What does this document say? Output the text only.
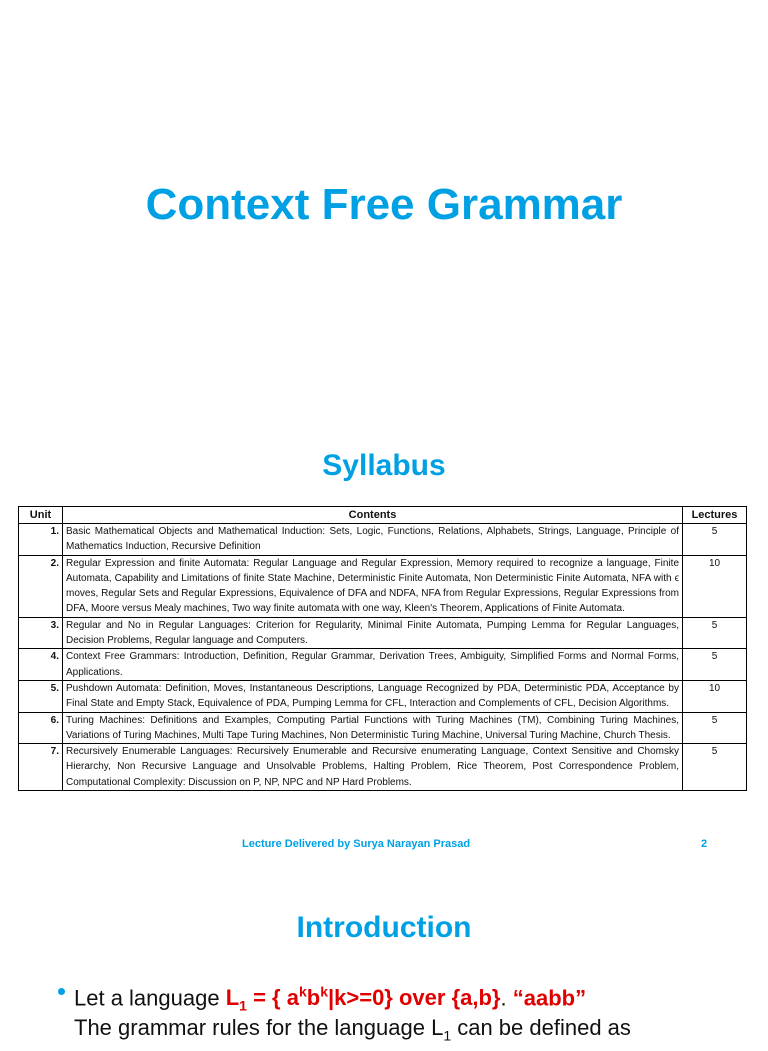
Context Free Grammar
Syllabus
Unit	Contents	Lectures
1.	Basic Mathematical Objects and Mathematical Induction: Sets, Logic, Functions, Relations, Alphabets, Strings, Language, Principle of Mathematics Induction, Recursive Definition	5
2.	Regular Expression and finite Automata: Regular Language and Regular Expression, Memory required to recognize a language, Finite Automata, Capability and Limitations of finite State Machine, Deterministic Finite Automata, Non Deterministic Finite Automata, NFA with ϵ moves, Regular Sets and Regular Expressions, Equivalence of DFA and NDFA, NFA from Regular Expressions, Regular Expressions from DFA, Moore versus Mealy machines, Two way finite automata with one way, Kleen's Theorem, Applications of Finite Automata.	10
3.	Regular and No in Regular Languages: Criterion for Regularity, Minimal Finite Automata, Pumping Lemma for Regular Languages, Decision Problems, Regular language and Computers.	5
4.	Context Free Grammars: Introduction, Definition, Regular Grammar, Derivation Trees, Ambiguity, Simplified Forms and Normal Forms, Applications.	5
5.	Pushdown Automata: Definition, Moves, Instantaneous Descriptions, Language Recognized by PDA, Deterministic PDA, Acceptance by Final State and Empty Stack, Equivalence of PDA, Pumping Lemma for CFL, Interaction and Complements of CFL, Decision Algorithms.	10
6.	Turing Machines: Definitions and Examples, Computing Partial Functions with Turing Machines (TM), Combining Turing Machines, Variations of Turing Machines, Multi Tape Turing Machines, Non Deterministic Turing Machine, Universal Turing Machine, Church Thesis.	5
7.	Recursively Enumerable Languages: Recursively Enumerable and Recursive enumerating Language, Context Sensitive and Chomsky Hierarchy, Non Recursive Language and Unsolvable Problems, Halting Problem, Rice Theorem, Post Correspondence Problem, Computational Complexity: Discussion on P, NP, NPC and NP Hard Problems.	5
Lecture Delivered by Surya Narayan Prasad	2
Introduction
Let a language $L_1$ = { $a^kb^k|k>=0$} over {a,b}. “aabb”
The grammar rules for the language $L_1$ can be defined as
